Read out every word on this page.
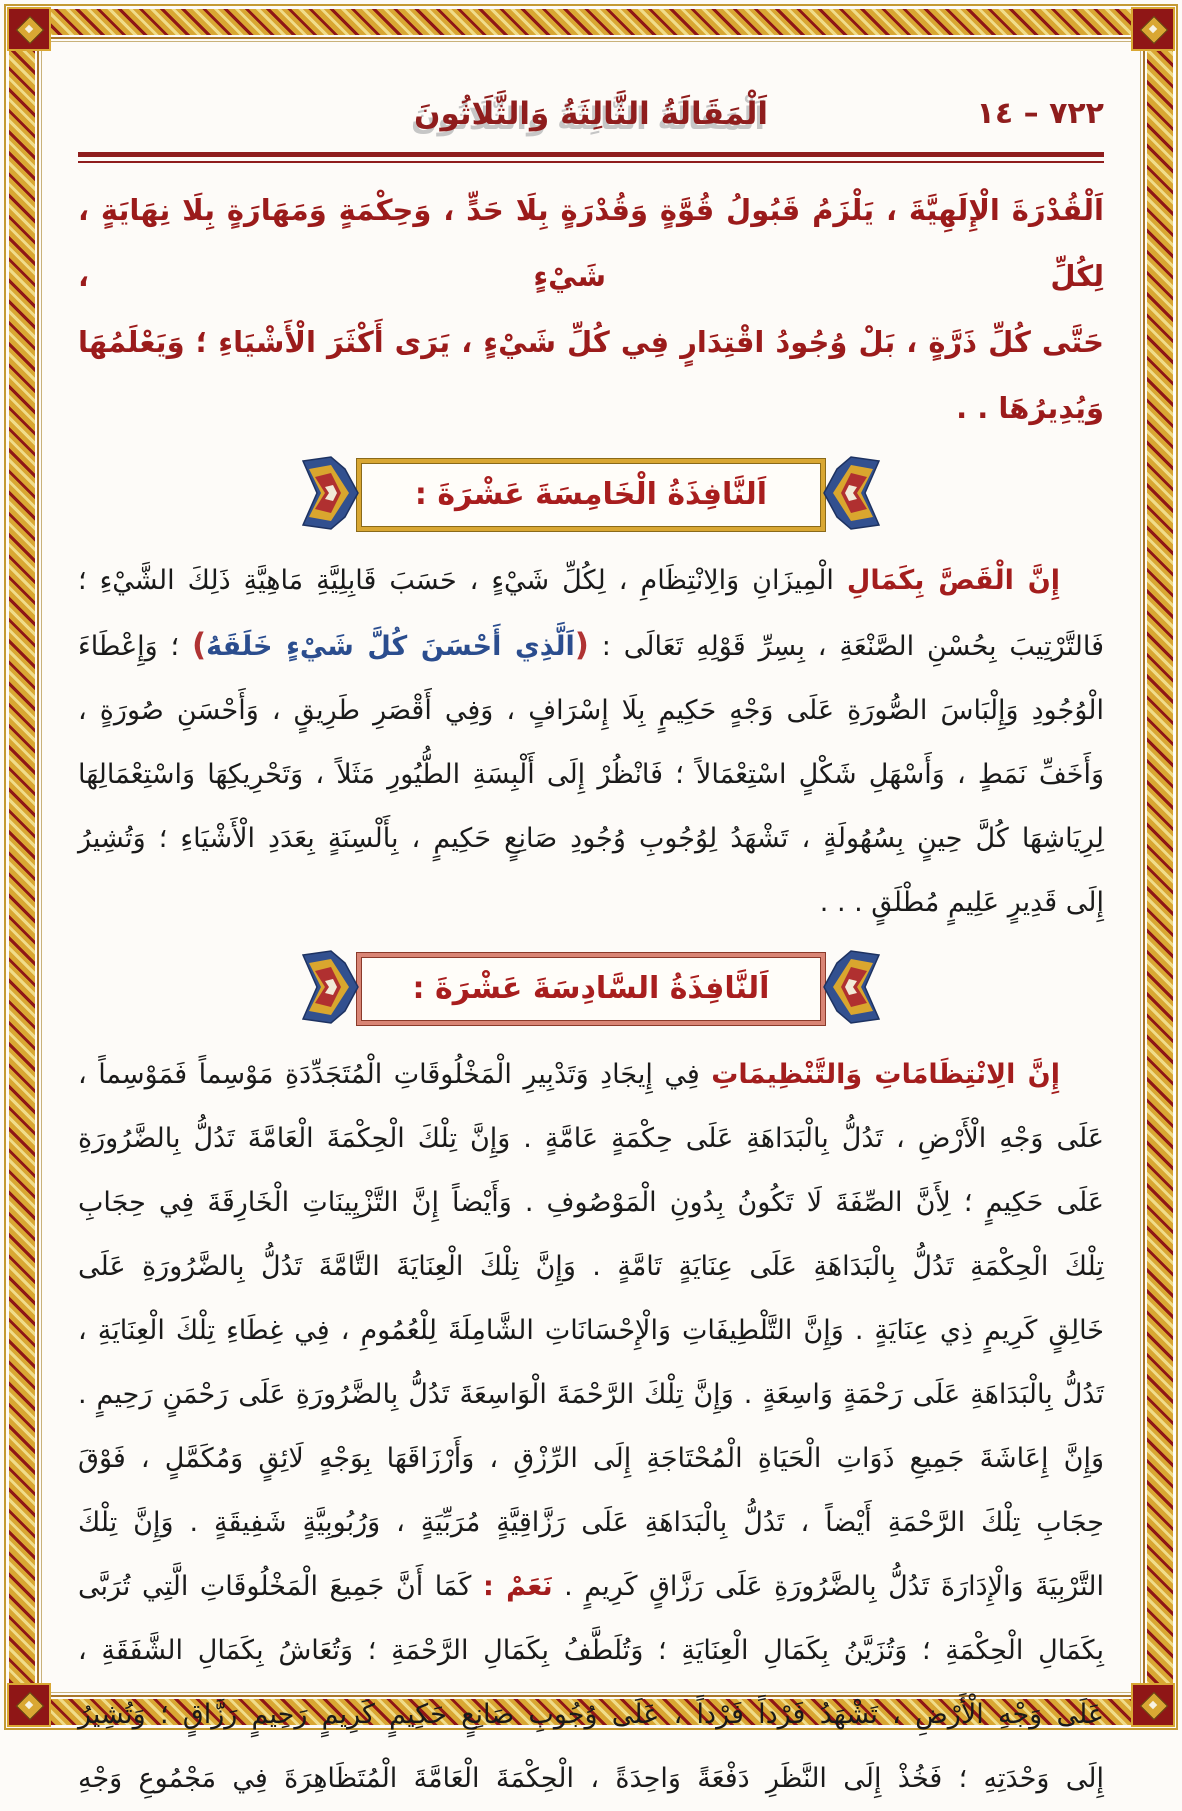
اَلْمَقَالَةُ الثَّالِثَةُ وَالثَّلَاثُونَ	٧٢٢ – ١٤
اَلْقُدْرَةَ الْإِلَهِيَّةَ ، يَلْزَمُ قَبُولُ قُوَّةٍ وَقُدْرَةٍ بِلَا حَدٍّ ، وَحِكْمَةٍ وَمَهَارَةٍ بِلَا نِهَايَةٍ ، لِكُلِّ شَيْءٍ ،
حَتَّى كُلِّ ذَرَّةٍ ، بَلْ وُجُودُ اقْتِدَارٍ فِي كُلِّ شَيْءٍ ، يَرَى أَكْثَرَ الْأَشْيَاءِ ؛ وَيَعْلَمُهَا وَيُدِيرُهَا . .
اَلنَّافِذَةُ الْخَامِسَةَ عَشْرَةَ :
إِنَّ الْقَصَّ بِكَمَالِ الْمِيزَانِ وَالِانْتِظَامِ ، لِكُلِّ شَيْءٍ ، حَسَبَ قَابِلِيَّةِ مَاهِيَّةِ ذَلِكَ الشَّيْءِ ؛
فَالتَّرْتِيبَ بِحُسْنِ الصَّنْعَةِ ، بِسِرِّ قَوْلِهِ تَعَالَى : (اَلَّذِي أَحْسَنَ كُلَّ شَيْءٍ خَلَقَهُ) ؛ وَإِعْطَاءَ
الْوُجُودِ وَإِلْبَاسَ الصُّورَةِ عَلَى وَجْهٍ حَكِيمٍ بِلَا إِسْرَافٍ ، وَفِي أَقْصَرِ طَرِيقٍ ، وَأَحْسَنِ صُورَةٍ ،
وَأَخَفِّ نَمَطٍ ، وَأَسْهَلِ شَكْلٍ اسْتِعْمَالاً ؛ فَانْظُرْ إِلَى أَلْبِسَةِ الطُّيُورِ مَثَلاً ، وَتَحْرِيكِهَا وَاسْتِعْمَالِهَا
لِرِيَاشِهَا كُلَّ حِينٍ بِسُهُولَةٍ ، تَشْهَدُ لِوُجُوبِ وُجُودِ صَانِعٍ حَكِيمٍ ، بِأَلْسِنَةٍ بِعَدَدِ الْأَشْيَاءِ ؛ وَتُشِيرُ
إِلَى قَدِيرٍ عَلِيمٍ مُطْلَقٍ . . .
اَلنَّافِذَةُ السَّادِسَةَ عَشْرَةَ :
إِنَّ الِانْتِظَامَاتِ وَالتَّنْظِيمَاتِ فِي إِيجَادِ وَتَدْبِيرِ الْمَخْلُوقَاتِ الْمُتَجَدِّدَةِ مَوْسِماً فَمَوْسِماً ،
عَلَى وَجْهِ الْأَرْضِ ، تَدُلُّ بِالْبَدَاهَةِ عَلَى حِكْمَةٍ عَامَّةٍ . وَإِنَّ تِلْكَ الْحِكْمَةَ الْعَامَّةَ تَدُلُّ بِالضَّرُورَةِ
عَلَى حَكِيمٍ ؛ لِأَنَّ الصِّفَةَ لَا تَكُونُ بِدُونِ الْمَوْصُوفِ . وَأَيْضاً إِنَّ التَّزْيِينَاتِ الْخَارِقَةَ فِي حِجَابِ
تِلْكَ الْحِكْمَةِ تَدُلُّ بِالْبَدَاهَةِ عَلَى عِنَايَةٍ تَامَّةٍ . وَإِنَّ تِلْكَ الْعِنَايَةَ التَّامَّةَ تَدُلُّ بِالضَّرُورَةِ عَلَى
خَالِقٍ كَرِيمٍ ذِي عِنَايَةٍ . وَإِنَّ التَّلْطِيفَاتِ وَالْإِحْسَانَاتِ الشَّامِلَةَ لِلْعُمُومِ ، فِي غِطَاءِ تِلْكَ الْعِنَايَةِ ،
تَدُلُّ بِالْبَدَاهَةِ عَلَى رَحْمَةٍ وَاسِعَةٍ . وَإِنَّ تِلْكَ الرَّحْمَةَ الْوَاسِعَةَ تَدُلُّ بِالضَّرُورَةِ عَلَى رَحْمَنٍ رَحِيمٍ .
وَإِنَّ إِعَاشَةَ جَمِيعِ ذَوَاتِ الْحَيَاةِ الْمُحْتَاجَةِ إِلَى الرِّزْقِ ، وَأَرْزَاقَهَا بِوَجْهٍ لَائِقٍ وَمُكَمَّلٍ ، فَوْقَ
حِجَابِ تِلْكَ الرَّحْمَةِ أَيْضاً ، تَدُلُّ بِالْبَدَاهَةِ عَلَى رَزَّاقِيَّةٍ مُرَبِّيَةٍ ، وَرُبُوبِيَّةٍ شَفِيقَةٍ . وَإِنَّ تِلْكَ
التَّرْبِيَةَ وَالْإِدَارَةَ تَدُلُّ بِالضَّرُورَةِ عَلَى رَزَّاقٍ كَرِيمٍ . نَعَمْ : كَمَا أَنَّ جَمِيعَ الْمَخْلُوقَاتِ الَّتِي تُرَبَّى
بِكَمَالِ الْحِكْمَةِ ؛ وَتُزَيَّنُ بِكَمَالِ الْعِنَايَةِ ؛ وَتُلَطَّفُ بِكَمَالِ الرَّحْمَةِ ؛ وَتُعَاشُ بِكَمَالِ الشَّفَقَةِ ،
عَلَى وَجْهِ الْأَرْضِ ، تَشْهَدُ فَرْداً فَرْداً ، عَلَى وُجُوبِ صَانِعٍ حَكِيمٍ كَرِيمٍ رَحِيمٍ رَزَّاقٍ ؛ وَتُشِيرُ
إِلَى وَحْدَتِهِ ؛ فَخُذْ إِلَى النَّظَرِ دَفْعَةً وَاحِدَةً ، الْحِكْمَةَ الْعَامَّةَ الْمُتَظَاهِرَةَ فِي مَجْمُوعِ وَجْهِ
